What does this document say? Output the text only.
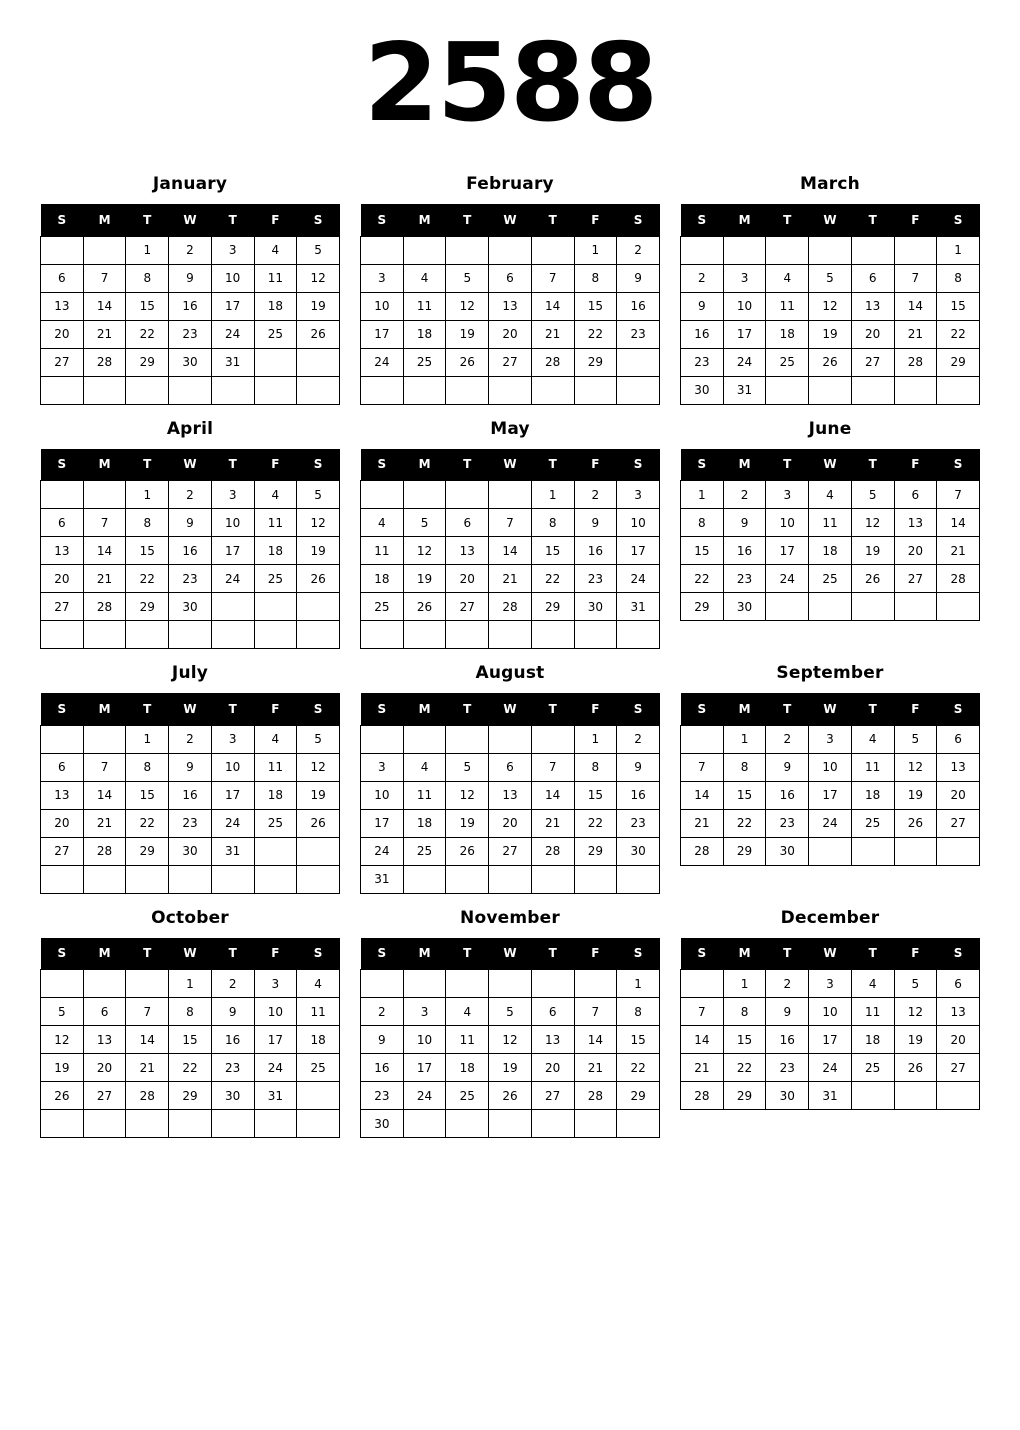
2588
January
S	M	T	W	T	F	S
		1	2	3	4	5
6	7	8	9	10	11	12
13	14	15	16	17	18	19
20	21	22	23	24	25	26
27	28	29	30	31		

February
S	M	T	W	T	F	S
					1	2
3	4	5	6	7	8	9
10	11	12	13	14	15	16
17	18	19	20	21	22	23
24	25	26	27	28	29	

March
S	M	T	W	T	F	S
						1
2	3	4	5	6	7	8
9	10	11	12	13	14	15
16	17	18	19	20	21	22
23	24	25	26	27	28	29
30	31					
April
S	M	T	W	T	F	S
		1	2	3	4	5
6	7	8	9	10	11	12
13	14	15	16	17	18	19
20	21	22	23	24	25	26
27	28	29	30			

May
S	M	T	W	T	F	S
				1	2	3
4	5	6	7	8	9	10
11	12	13	14	15	16	17
18	19	20	21	22	23	24
25	26	27	28	29	30	31

June
S	M	T	W	T	F	S
1	2	3	4	5	6	7
8	9	10	11	12	13	14
15	16	17	18	19	20	21
22	23	24	25	26	27	28
29	30					
July
S	M	T	W	T	F	S
		1	2	3	4	5
6	7	8	9	10	11	12
13	14	15	16	17	18	19
20	21	22	23	24	25	26
27	28	29	30	31		

August
S	M	T	W	T	F	S
					1	2
3	4	5	6	7	8	9
10	11	12	13	14	15	16
17	18	19	20	21	22	23
24	25	26	27	28	29	30
31						
September
S	M	T	W	T	F	S
	1	2	3	4	5	6
7	8	9	10	11	12	13
14	15	16	17	18	19	20
21	22	23	24	25	26	27
28	29	30				
October
S	M	T	W	T	F	S
			1	2	3	4
5	6	7	8	9	10	11
12	13	14	15	16	17	18
19	20	21	22	23	24	25
26	27	28	29	30	31	

November
S	M	T	W	T	F	S
						1
2	3	4	5	6	7	8
9	10	11	12	13	14	15
16	17	18	19	20	21	22
23	24	25	26	27	28	29
30						
December
S	M	T	W	T	F	S
	1	2	3	4	5	6
7	8	9	10	11	12	13
14	15	16	17	18	19	20
21	22	23	24	25	26	27
28	29	30	31			
